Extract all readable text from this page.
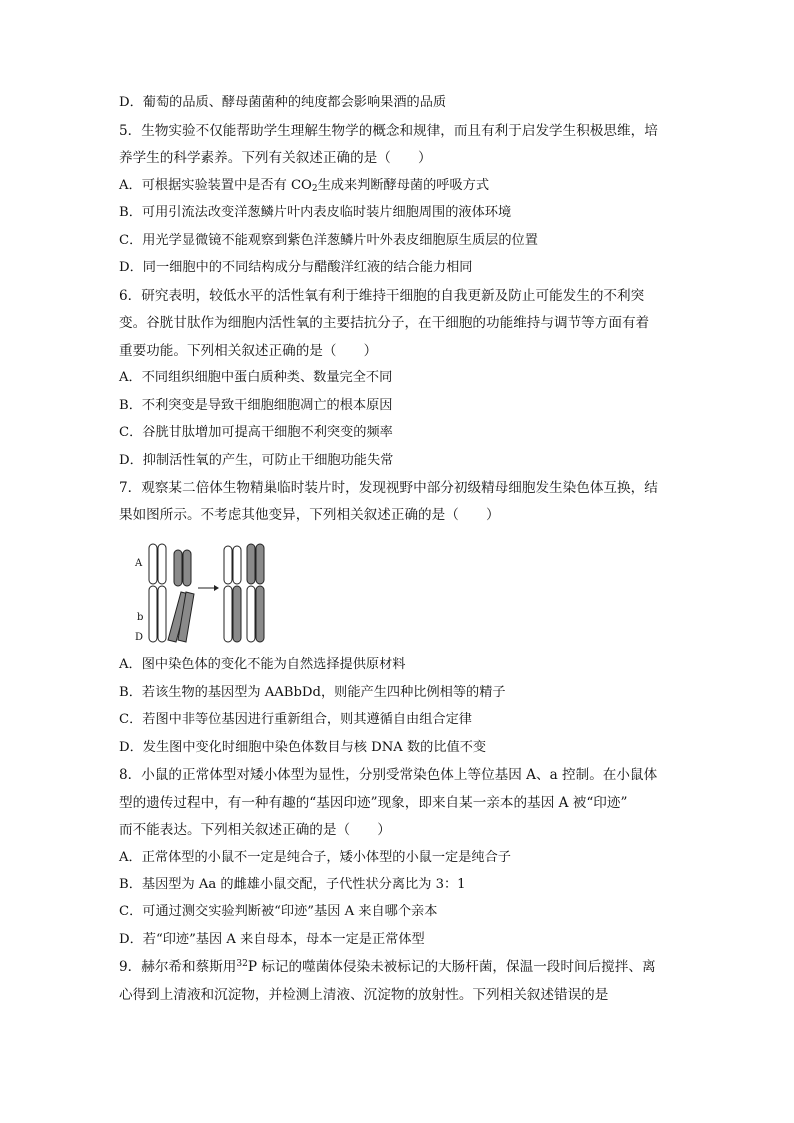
D．葡萄的品质、酵母菌菌种的纯度都会影响果酒的品质
5．生物实验不仅能帮助学生理解生物学的概念和规律，而且有利于启发学生积极思维，培
养学生的科学素养。下列有关叙述正确的是（　　）
A．可根据实验装置中是否有 $CO_2$生成来判断酵母菌的呼吸方式
B．可用引流法改变洋葱鳞片叶内表皮临时装片细胞周围的液体环境
C．用光学显微镜不能观察到紫色洋葱鳞片叶外表皮细胞原生质层的位置
D．同一细胞中的不同结构成分与醋酸洋红液的结合能力相同
6．研究表明，较低水平的活性氧有利于维持干细胞的自我更新及防止可能发生的不利突
变。谷胱甘肽作为细胞内活性氧的主要拮抗分子，在干细胞的功能维持与调节等方面有着
重要功能。下列相关叙述正确的是（　　）
A．不同组织细胞中蛋白质种类、数量完全不同
B．不利突变是导致干细胞细胞凋亡的根本原因
C．谷胱甘肽增加可提高干细胞不利突变的频率
D．抑制活性氧的产生，可防止干细胞功能失常
7．观察某二倍体生物精巢临时装片时，发现视野中部分初级精母细胞发生染色体互换，结
果如图所示。不考虑其他变异，下列相关叙述正确的是（　　）
A
b
D
A．图中染色体的变化不能为自然选择提供原材料
B．若该生物的基因型为 AABbDd，则能产生四种比例相等的精子
C．若图中非等位基因进行重新组合，则其遵循自由组合定律
D．发生图中变化时细胞中染色体数目与核 DNA 数的比值不变
8．小鼠的正常体型对矮小体型为显性，分别受常染色体上等位基因 A、a 控制。在小鼠体
型的遗传过程中，有一种有趣的“基因印迹”现象，即来自某一亲本的基因 A 被“印迹”
而不能表达。下列相关叙述正确的是（　　）
A．正常体型的小鼠不一定是纯合子，矮小体型的小鼠一定是纯合子
B．基因型为 Aa 的雌雄小鼠交配，子代性状分离比为 3：1
C．可通过测交实验判断被“印迹”基因 A 来自哪个亲本
D．若“印迹”基因 A 来自母本，母本一定是正常体型
9．赫尔希和蔡斯用$^{32}$P 标记的噬菌体侵染未被标记的大肠杆菌，保温一段时间后搅拌、离
心得到上清液和沉淀物，并检测上清液、沉淀物的放射性。下列相关叙述错误的是
